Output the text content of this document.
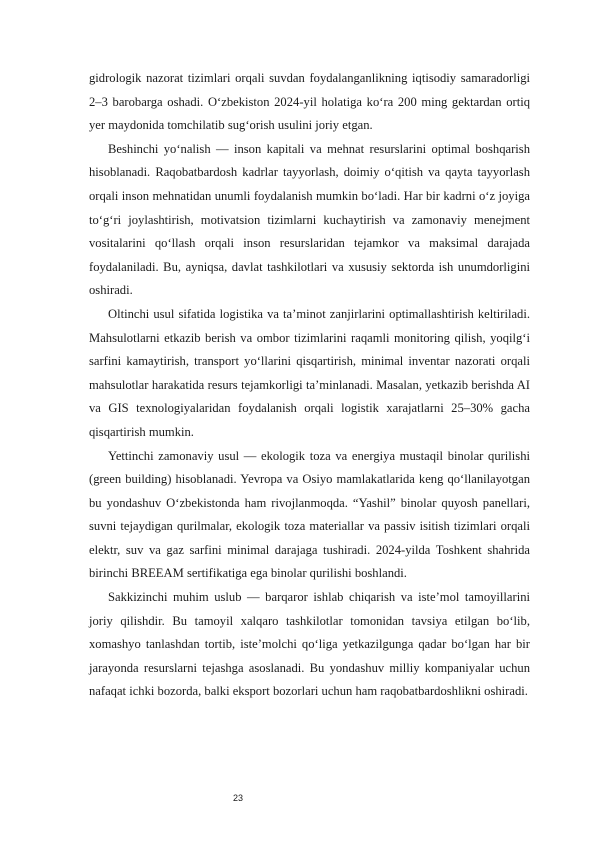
gidrologik nazorat tizimlari orqali suvdan foydalanganlikning iqtisodiy samaradorligi 2–3 barobarga oshadi. O‘zbekiston 2024-yil holatiga ko‘ra 200 ming gektardan ortiq yer maydonida tomchilatib sug‘orish usulini joriy etgan.

Beshinchi yo‘nalish — inson kapitali va mehnat resurslarini optimal boshqarish hisoblanadi. Raqobatbardosh kadrlar tayyorlash, doimiy o‘qitish va qayta tayyorlash orqali inson mehnatidan unumli foydalanish mumkin bo‘ladi. Har bir kadrni o‘z joyiga to‘g‘ri joylashtirish, motivatsion tizimlarni kuchaytirish va zamonaviy menejment vositalarini qo‘llash orqali inson resurslaridan tejamkor va maksimal darajada foydalaniladi. Bu, ayniqsa, davlat tashkilotlari va xususiy sektorda ish unumdorligini oshiradi.

Oltinchi usul sifatida logistika va ta’minot zanjirlarini optimallashtirish keltiriladi. Mahsulotlarni etkazib berish va ombor tizimlarini raqamli monitoring qilish, yoqilg‘i sarfini kamaytirish, transport yo‘llarini qisqartirish, minimal inventar nazorati orqali mahsulotlar harakatida resurs tejamkorligi ta’minlanadi. Masalan, yetkazib berishda AI va GIS texnologiyalaridan foydalanish orqali logistik xarajatlarni 25–30% gacha qisqartirish mumkin.

Yettinchi zamonaviy usul — ekologik toza va energiya mustaqil binolar qurilishi (green building) hisoblanadi. Yevropa va Osiyo mamlakatlarida keng qo‘llanilayotgan bu yondashuv O‘zbekistonda ham rivojlanmoqda. “Yashil” binolar quyosh panellari, suvni tejaydigan qurilmalar, ekologik toza materiallar va passiv isitish tizimlari orqali elektr, suv va gaz sarfini minimal darajaga tushiradi. 2024-yilda Toshkent shahrida birinchi BREEAM sertifikatiga ega binolar qurilishi boshlandi.

Sakkizinchi muhim uslub — barqaror ishlab chiqarish va iste’mol tamoyillarini joriy qilishdir. Bu tamoyil xalqaro tashkilotlar tomonidan tavsiya etilgan bo‘lib, xomashyo tanlashdan tortib, iste’molchi qo‘liga yetkazilgunga qadar bo‘lgan har bir jarayonda resurslarni tejashga asoslanadi. Bu yondashuv milliy kompaniyalar uchun nafaqat ichki bozorda, balki eksport bozorlari uchun ham raqobatbardoshlikni oshiradi.

23
